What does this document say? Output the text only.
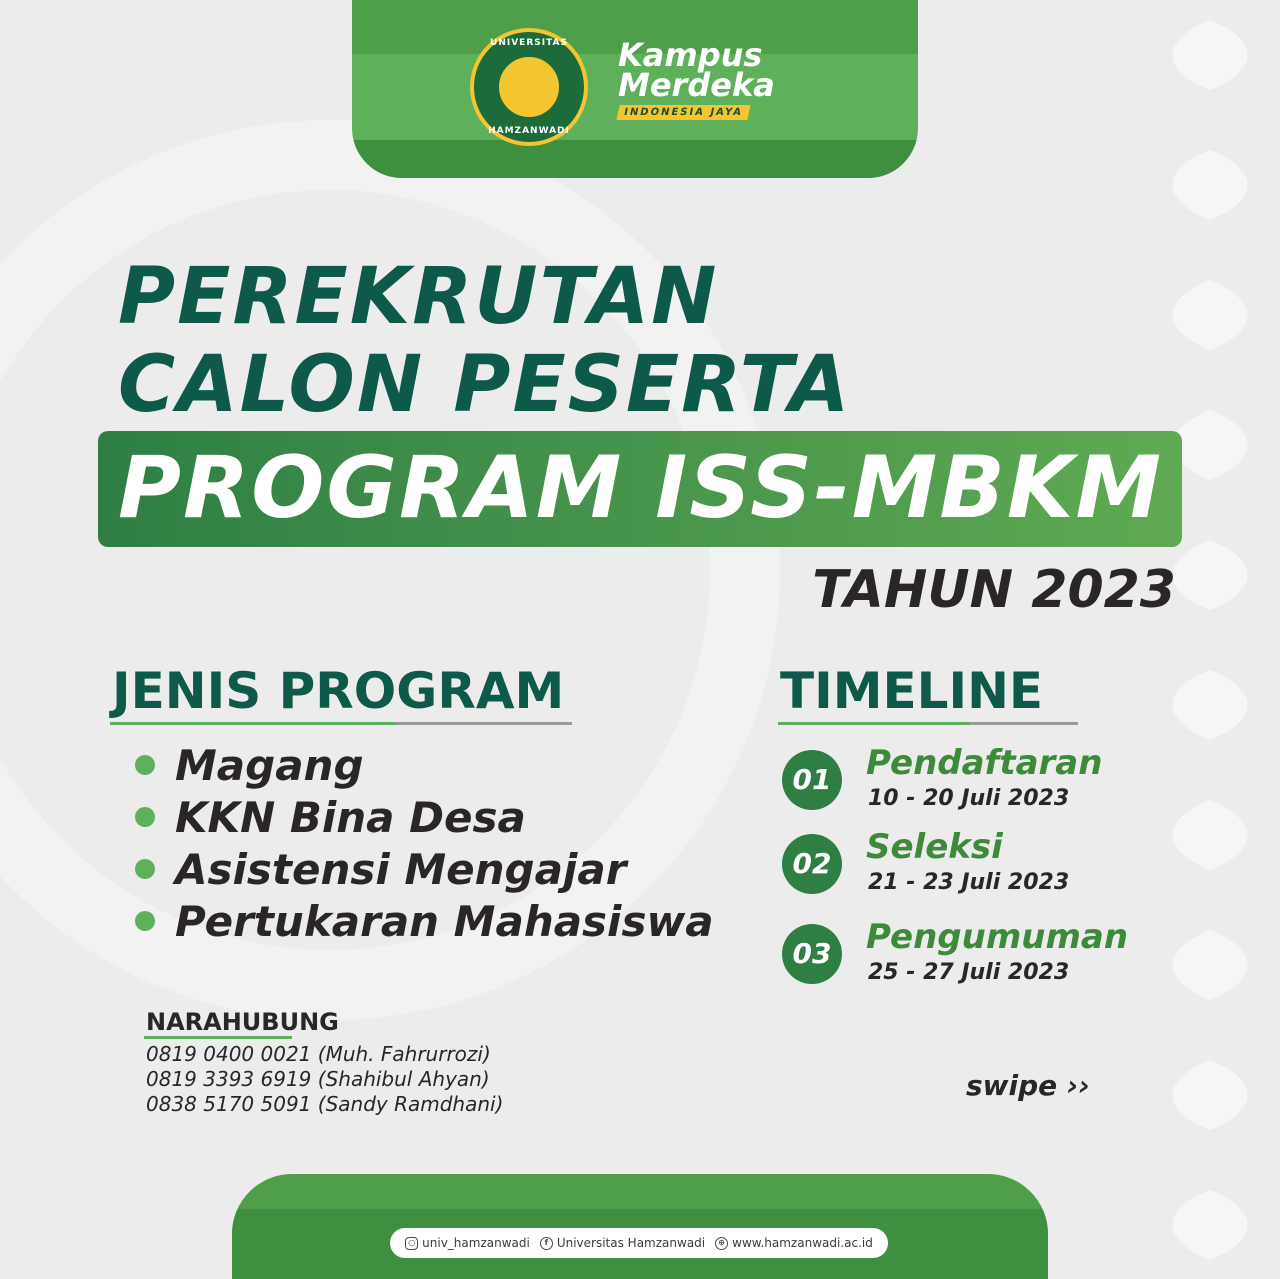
UNIVERSITAS
HAMZANWADI
Kampus
Merdeka
INDONESIA JAYA
PEREKRUTAN
CALON PESERTA
PROGRAM ISS-MBKM
TAHUN 2023
JENIS PROGRAM
Magang
KKN Bina Desa
Asistensi Mengajar
Pertukaran Mahasiswa
TIMELINE
01	Pendaftaran
10 - 20 Juli 2023
02	Seleksi
21 - 23 Juli 2023
03	Pengumuman
25 - 27 Juli 2023
NARAHUBUNG
0819 0400 0021 (Muh. Fahrurrozi)
0819 3393 6919 (Shahibul Ahyan)
0838 5170 5091 (Sandy Ramdhani)
swipe ››
○ univ_hamzanwadi	f Universitas Hamzanwadi	⊕ www.hamzanwadi.ac.id
